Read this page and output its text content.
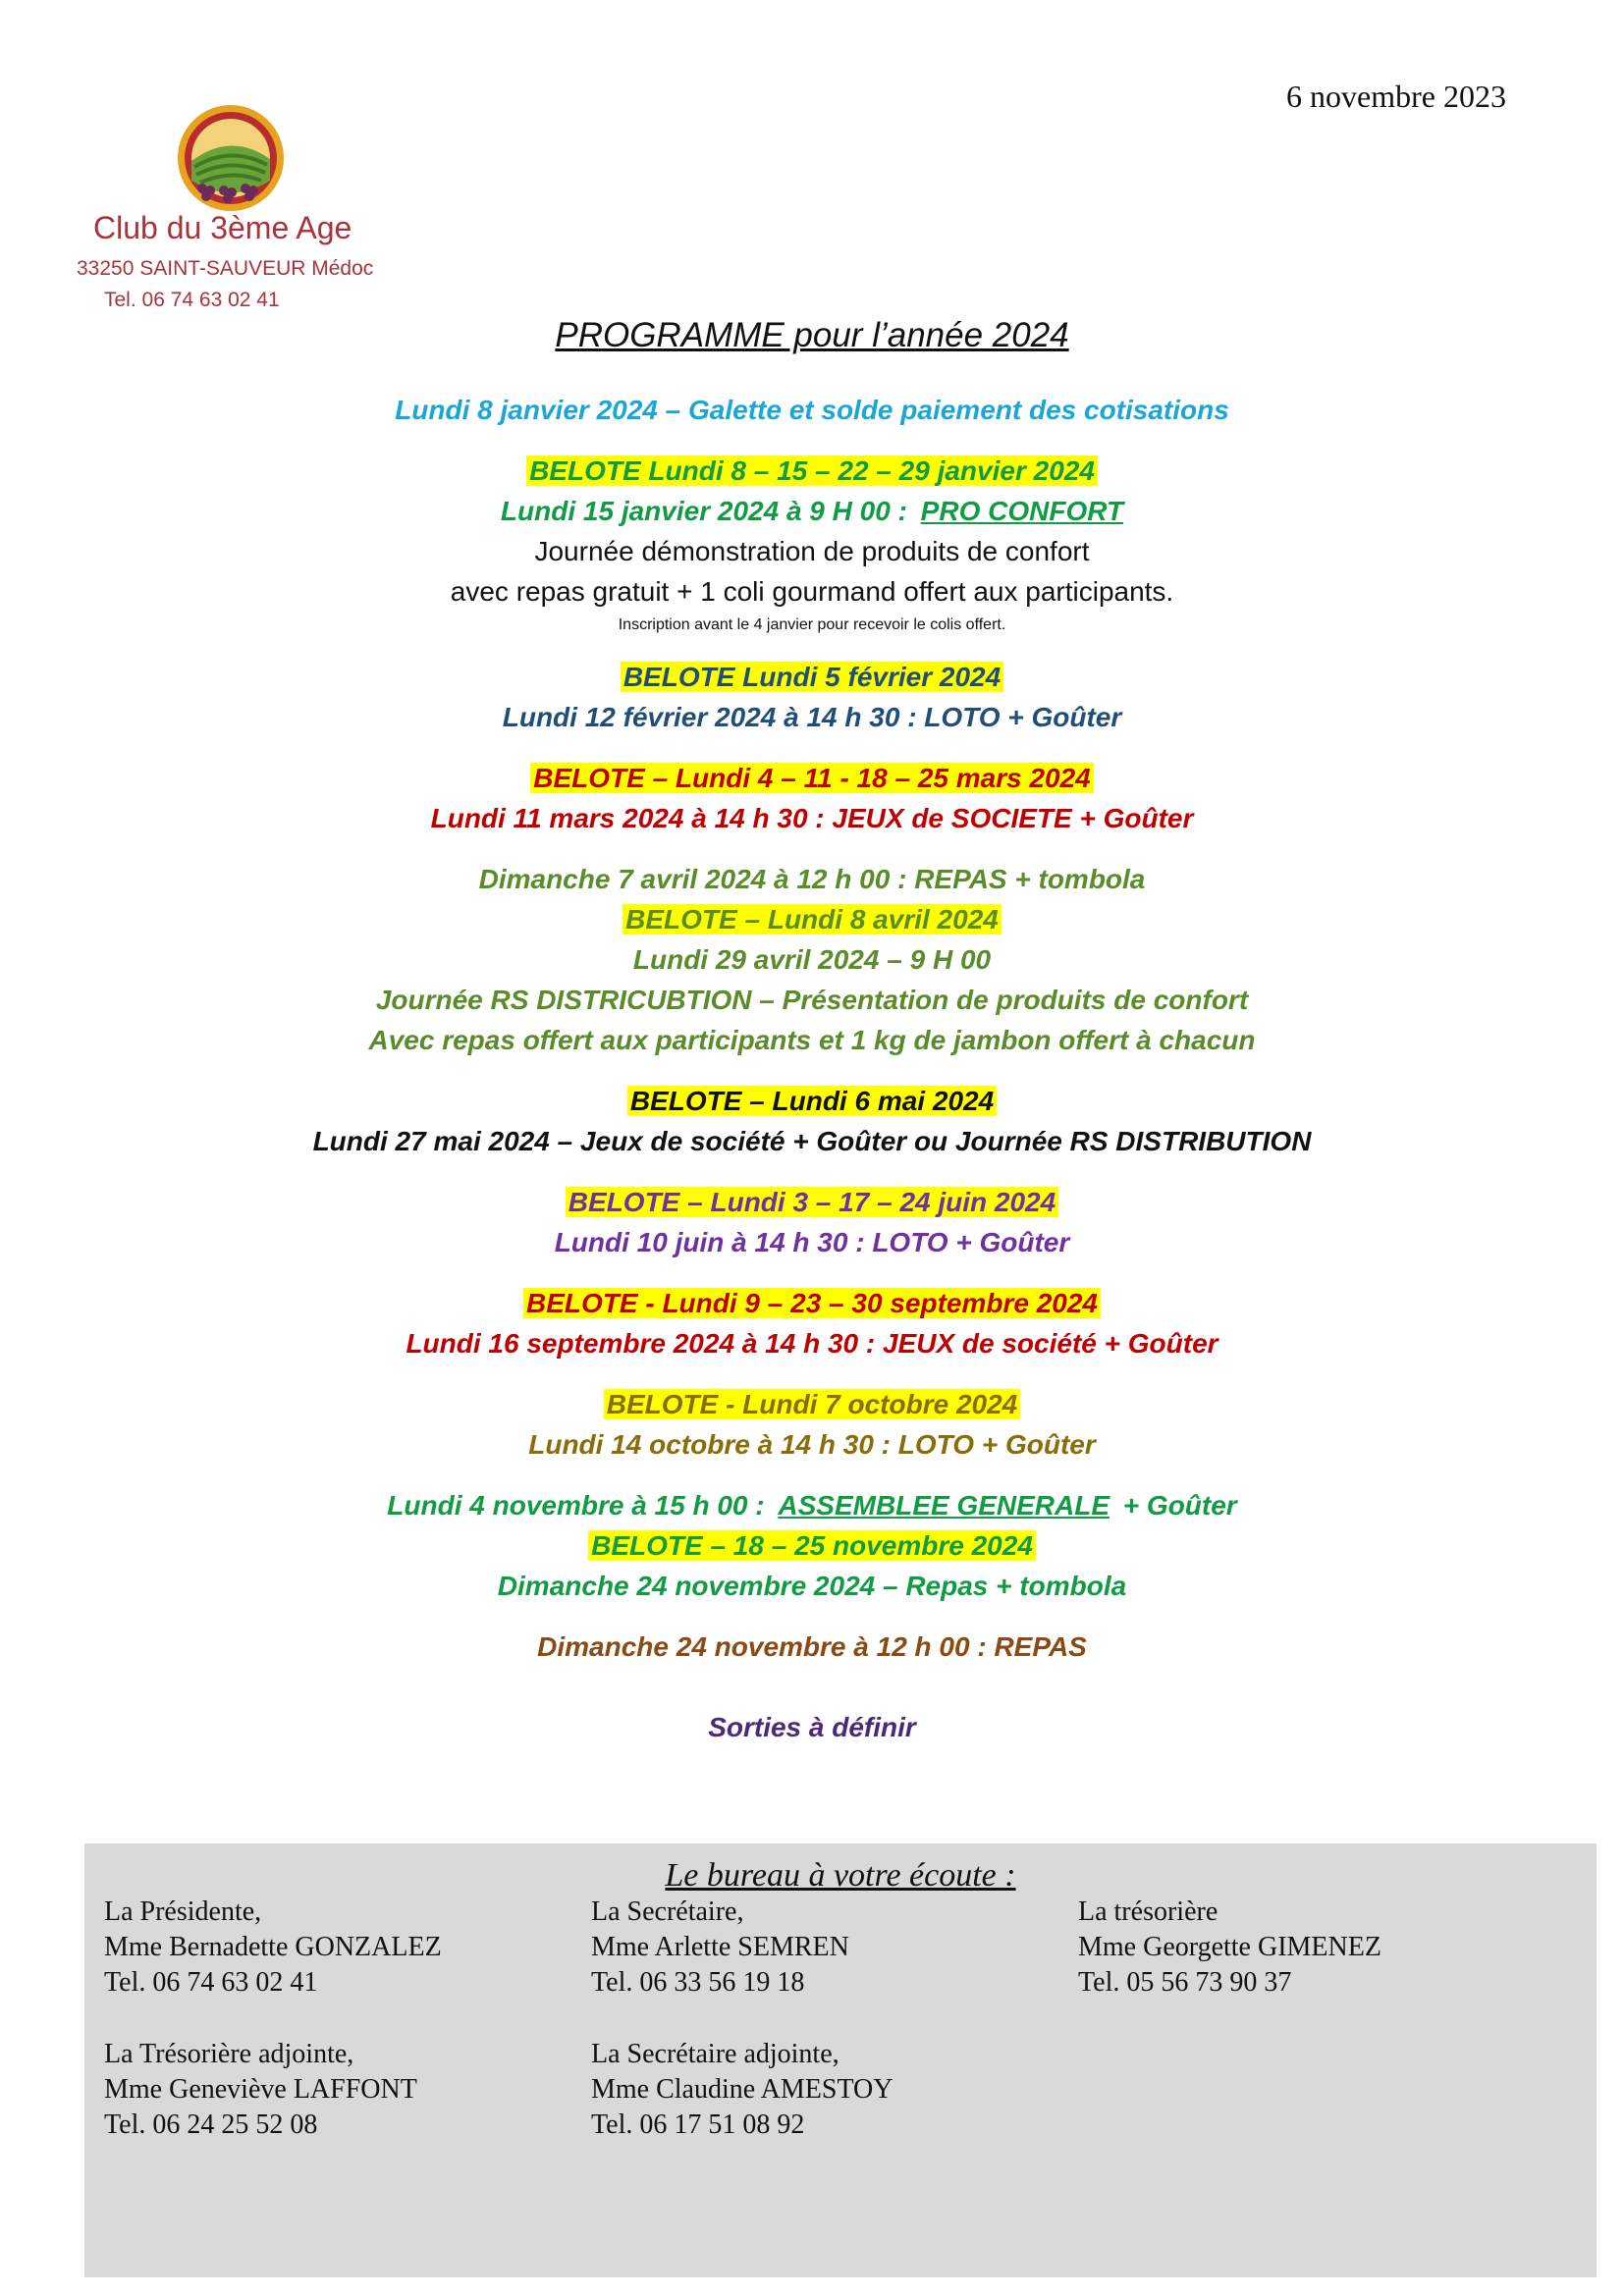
6 novembre 2023
Club du 3ème Age
33250 SAINT-SAUVEUR Médoc
Tel. 06 74 63 02 41
PROGRAMME pour l’année 2024
Lundi 8 janvier 2024 – Galette et solde paiement des cotisations
BELOTE Lundi 8 – 15 – 22 – 29 janvier 2024
Lundi 15 janvier 2024 à 9 H 00 : PRO CONFORT
Journée démonstration de produits de confort
avec repas gratuit + 1 coli gourmand offert aux participants.
Inscription avant le 4 janvier pour recevoir le colis offert.
BELOTE Lundi 5 février 2024
Lundi 12 février 2024 à 14 h 30 : LOTO + Goûter
BELOTE – Lundi 4 – 11 - 18 – 25 mars 2024
Lundi 11 mars 2024 à 14 h 30 : JEUX de SOCIETE + Goûter
Dimanche 7 avril 2024 à 12 h 00 : REPAS + tombola
BELOTE – Lundi 8 avril 2024
Lundi 29 avril 2024 – 9 H 00
Journée RS DISTRICUBTION – Présentation de produits de confort
Avec repas offert aux participants et 1 kg de jambon offert à chacun
BELOTE – Lundi 6 mai 2024
Lundi 27 mai 2024 – Jeux de société + Goûter ou Journée RS DISTRIBUTION
BELOTE – Lundi 3 – 17 – 24 juin 2024
Lundi 10 juin à 14 h 30 : LOTO + Goûter
BELOTE - Lundi 9 – 23 – 30 septembre 2024
Lundi 16 septembre 2024 à 14 h 30 : JEUX de société + Goûter
BELOTE - Lundi 7 octobre 2024
Lundi 14 octobre à 14 h 30 : LOTO + Goûter
Lundi 4 novembre à 15 h 00 : ASSEMBLEE GENERALE + Goûter
BELOTE – 18 – 25 novembre 2024
Dimanche 24 novembre 2024 – Repas + tombola
Dimanche 24 novembre à 12 h 00 : REPAS
Sorties à définir
Le bureau à votre écoute :
La Présidente,
Mme Bernadette GONZALEZ
Tel. 06 74 63 02 41
La Secrétaire,
Mme Arlette SEMREN
Tel. 06 33 56 19 18
La trésorière
Mme Georgette GIMENEZ
Tel. 05 56 73 90 37
La Trésorière adjointe,
Mme Geneviève LAFFONT
Tel. 06 24 25 52 08
La Secrétaire adjointe,
Mme Claudine AMESTOY
Tel. 06 17 51 08 92
